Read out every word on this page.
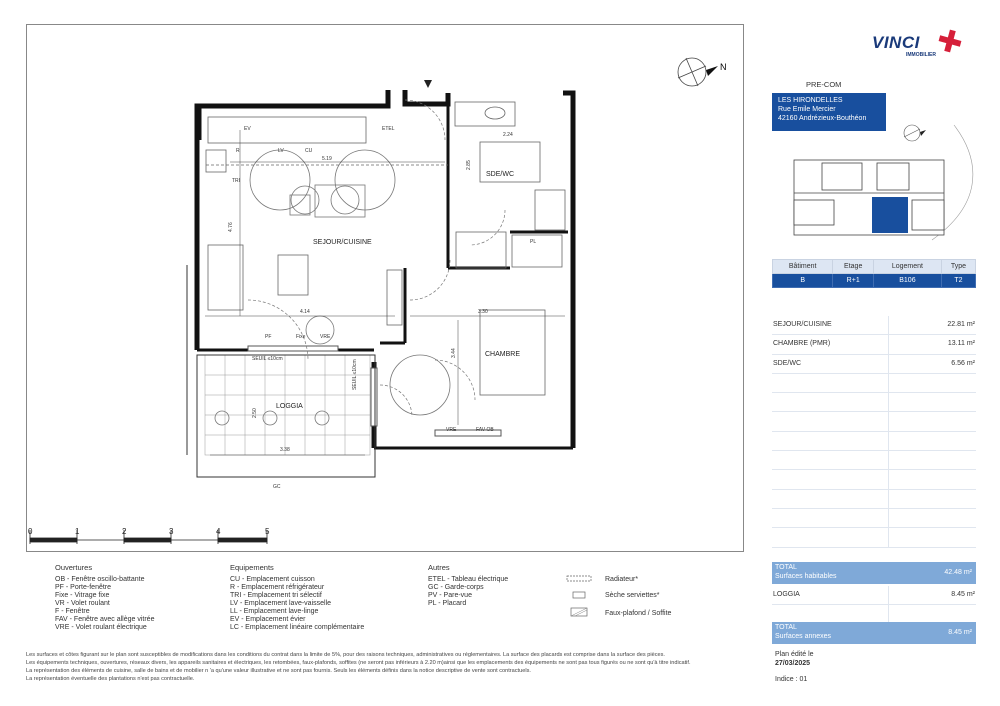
SEJOUR/CUISINE
CHAMBRE
SDE/WC
LOGGIA
EV
LV	CU
R
TRI
ETEL
PL
PF	Fixe	VRE
VRE	FAV-OB
GC
SEUIL ≤10cm
SEUIL ≤10cm
5.19
4.76
4.14	3.30
3.44
2.24
2.85
2.50
3.38
N
0	1	2	3	4	5
Ouvertures
OB - Fenêtre oscillo-battante
PF - Porte-fenêtre
Fixe - Vitrage fixe
VR - Volet roulant
F - Fenêtre
FAV - Fenêtre avec allège vitrée
VRE - Volet roulant électrique
Equipements
CU - Emplacement cuisson
R - Emplacement réfrigérateur
TRI - Emplacement tri sélectif
LV - Emplacement lave-vaisselle
LL - Emplacement lave-linge
EV - Emplacement évier
LC - Emplacement linéaire complémentaire
Autres
ETEL - Tableau électrique
GC - Garde-corps
PV - Pare-vue
PL - Placard
Radiateur*
Sèche serviettes*
Faux-plafond / Soffite
Les surfaces et côtes figurant sur le plan sont susceptibles de modifications dans les conditions du contrat dans la limite de 5%, pour des raisons techniques, administratives ou réglementaires. La surface des placards est comprise dans la surface des pièces.
Les équipements techniques, ouvertures, réseaux divers, les appareils sanitaires et électriques, les retombées, faux-plafonds, soffites (ne seront pas inférieurs à 2.20 m)ainsi que les emplacements des équipements ne sont pas tous figurés ou ne sont qu'à titre indicatif.
La représentation des éléments de cuisine, salle de bains et de mobilier n 'a qu'une valeur illustrative et ne sont pas fournis. Seuls les éléments définis dans la notice descriptive de vente sont contractuels.
La représentation éventuelle des plantations n'est pas contractuelle.
VINCI
IMMOBILIER
PRE-COM
LES HIRONDELLES
Rue Emile Mercier
42160 Andrézieux-Bouthéon
Bâtiment	Etage	Logement	Type
B	R+1	B106	T2
SEJOUR/CUISINE	22.81 m²
CHAMBRE (PMR)	13.11 m²
SDE/WC	6.56 m²
TOTAL
Surfaces habitables
42.48 m²
LOGGIA	8.45 m²
TOTAL
Surfaces annexes
8.45 m²
Plan édité le
27/03/2025
Indice : 01
